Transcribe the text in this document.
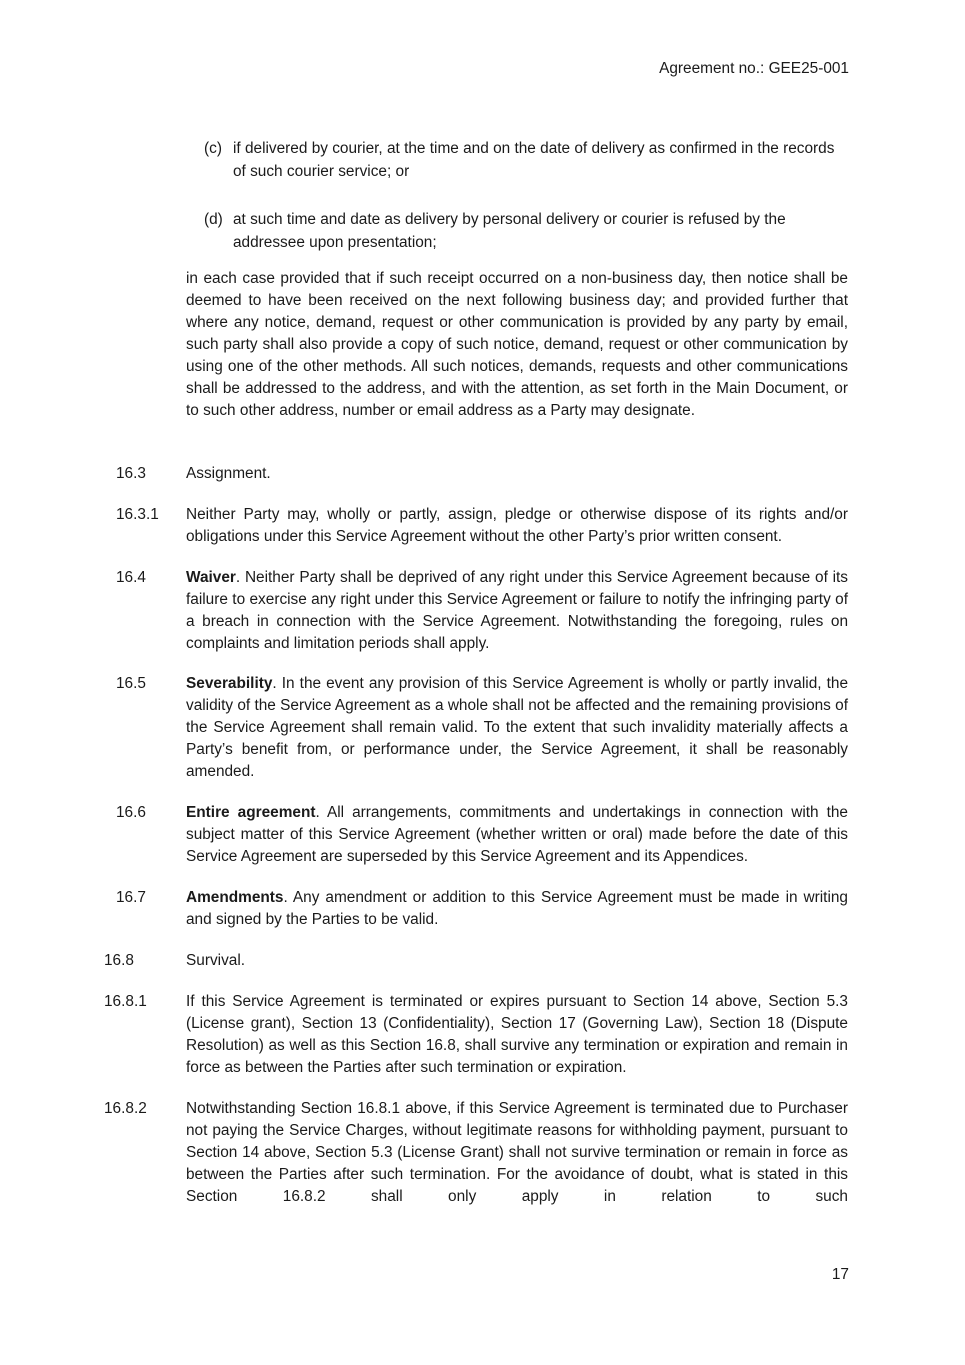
Agreement no.: GEE25-001
(c) if delivered by courier, at the time and on the date of delivery as confirmed in the records of such courier service; or
(d) at such time and date as delivery by personal delivery or courier is refused by the addressee upon presentation;
in each case provided that if such receipt occurred on a non-business day, then notice shall be deemed to have been received on the next following business day; and provided further that where any notice, demand, request or other communication is provided by any party by email, such party shall also provide a copy of such notice, demand, request or other communication by using one of the other methods. All such notices, demands, requests and other communications shall be addressed to the address, and with the attention, as set forth in the Main Document, or to such other address, number or email address as a Party may designate.
16.3	Assignment.
16.3.1 Neither Party may, wholly or partly, assign, pledge or otherwise dispose of its rights and/or obligations under this Service Agreement without the other Party’s prior written consent.
16.4	Waiver. Neither Party shall be deprived of any right under this Service Agreement because of its failure to exercise any right under this Service Agreement or failure to notify the infringing party of a breach in connection with the Service Agreement. Notwithstanding the foregoing, rules on complaints and limitation periods shall apply.
16.5	Severability. In the event any provision of this Service Agreement is wholly or partly invalid, the validity of the Service Agreement as a whole shall not be affected and the remaining provisions of the Service Agreement shall remain valid. To the extent that such invalidity materially affects a Party’s benefit from, or performance under, the Service Agreement, it shall be reasonably amended.
16.6	Entire agreement. All arrangements, commitments and undertakings in connection with the subject matter of this Service Agreement (whether written or oral) made before the date of this Service Agreement are superseded by this Service Agreement and its Appendices.
16.7	Amendments. Any amendment or addition to this Service Agreement must be made in writing and signed by the Parties to be valid.
16.8	Survival.
16.8.1	If this Service Agreement is terminated or expires pursuant to Section 14 above, Section 5.3 (License grant), Section 13 (Confidentiality), Section 17 (Governing Law), Section 18 (Dispute Resolution) as well as this Section 16.8, shall survive any termination or expiration and remain in force as between the Parties after such termination or expiration.
16.8.2	Notwithstanding Section 16.8.1 above, if this Service Agreement is terminated due to Purchaser not paying the Service Charges, without legitimate reasons for withholding payment, pursuant to Section 14 above, Section 5.3 (License Grant) shall not survive termination or remain in force as between the Parties after such termination. For the avoidance of doubt, what is stated in this Section 16.8.2 shall only apply in relation to such
17
